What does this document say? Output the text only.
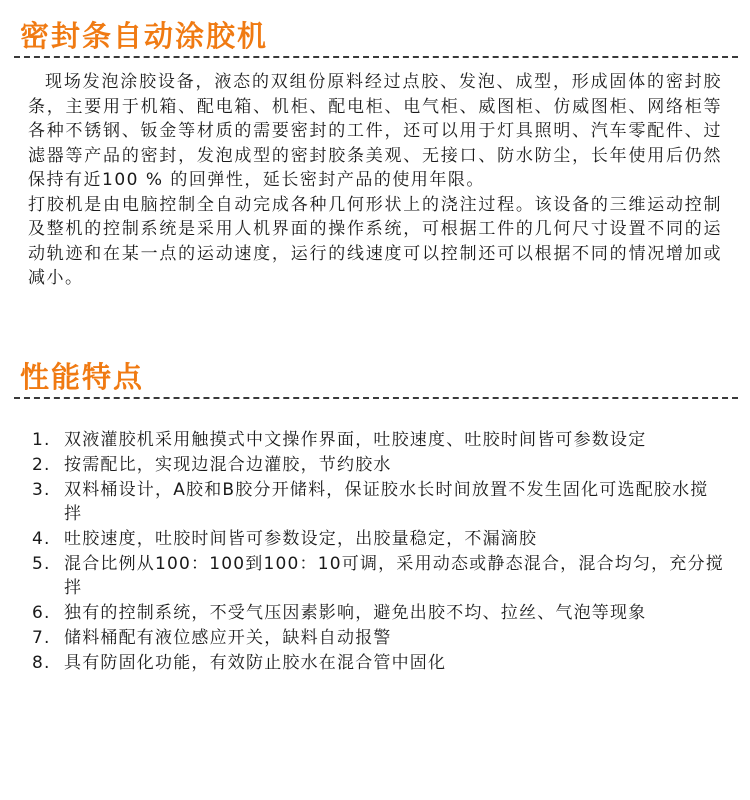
密封条自动涂胶机

现场发泡涂胶设备，液态的双组份原料经过点胶、发泡、成型，形成固体的密封胶条，主要用于机箱、配电箱、机柜、配电柜、电气柜、威图柜、仿威图柜、网络柜等各种不锈钢、钣金等材质的需要密封的工件，还可以用于灯具照明、汽车零配件、过滤器等产品的密封，发泡成型的密封胶条美观、无接口、防水防尘，长年使用后仍然保持有近100 % 的回弹性，延长密封产品的使用年限。

打胶机是由电脑控制全自动完成各种几何形状上的浇注过程。该设备的三维运动控制及整机的控制系统是采用人机界面的操作系统，可根据工件的几何尺寸设置不同的运动轨迹和在某一点的运动速度，运行的线速度可以控制还可以根据不同的情况增加或减小。

性能特点
1. 双液灌胶机采用触摸式中文操作界面，吐胶速度、吐胶时间皆可参数设定
2. 按需配比，实现边混合边灌胶，节约胶水
3. 双料桶设计，A胶和B胶分开储料，保证胶水长时间放置不发生固化可选配胶水搅拌
4. 吐胶速度，吐胶时间皆可参数设定，出胶量稳定，不漏滴胶
5. 混合比例从100：100到100：10可调，采用动态或静态混合，混合均匀，充分搅拌
6. 独有的控制系统，不受气压因素影响，避免出胶不均、拉丝、气泡等现象
7. 储料桶配有液位感应开关，缺料自动报警
8. 具有防固化功能，有效防止胶水在混合管中固化
